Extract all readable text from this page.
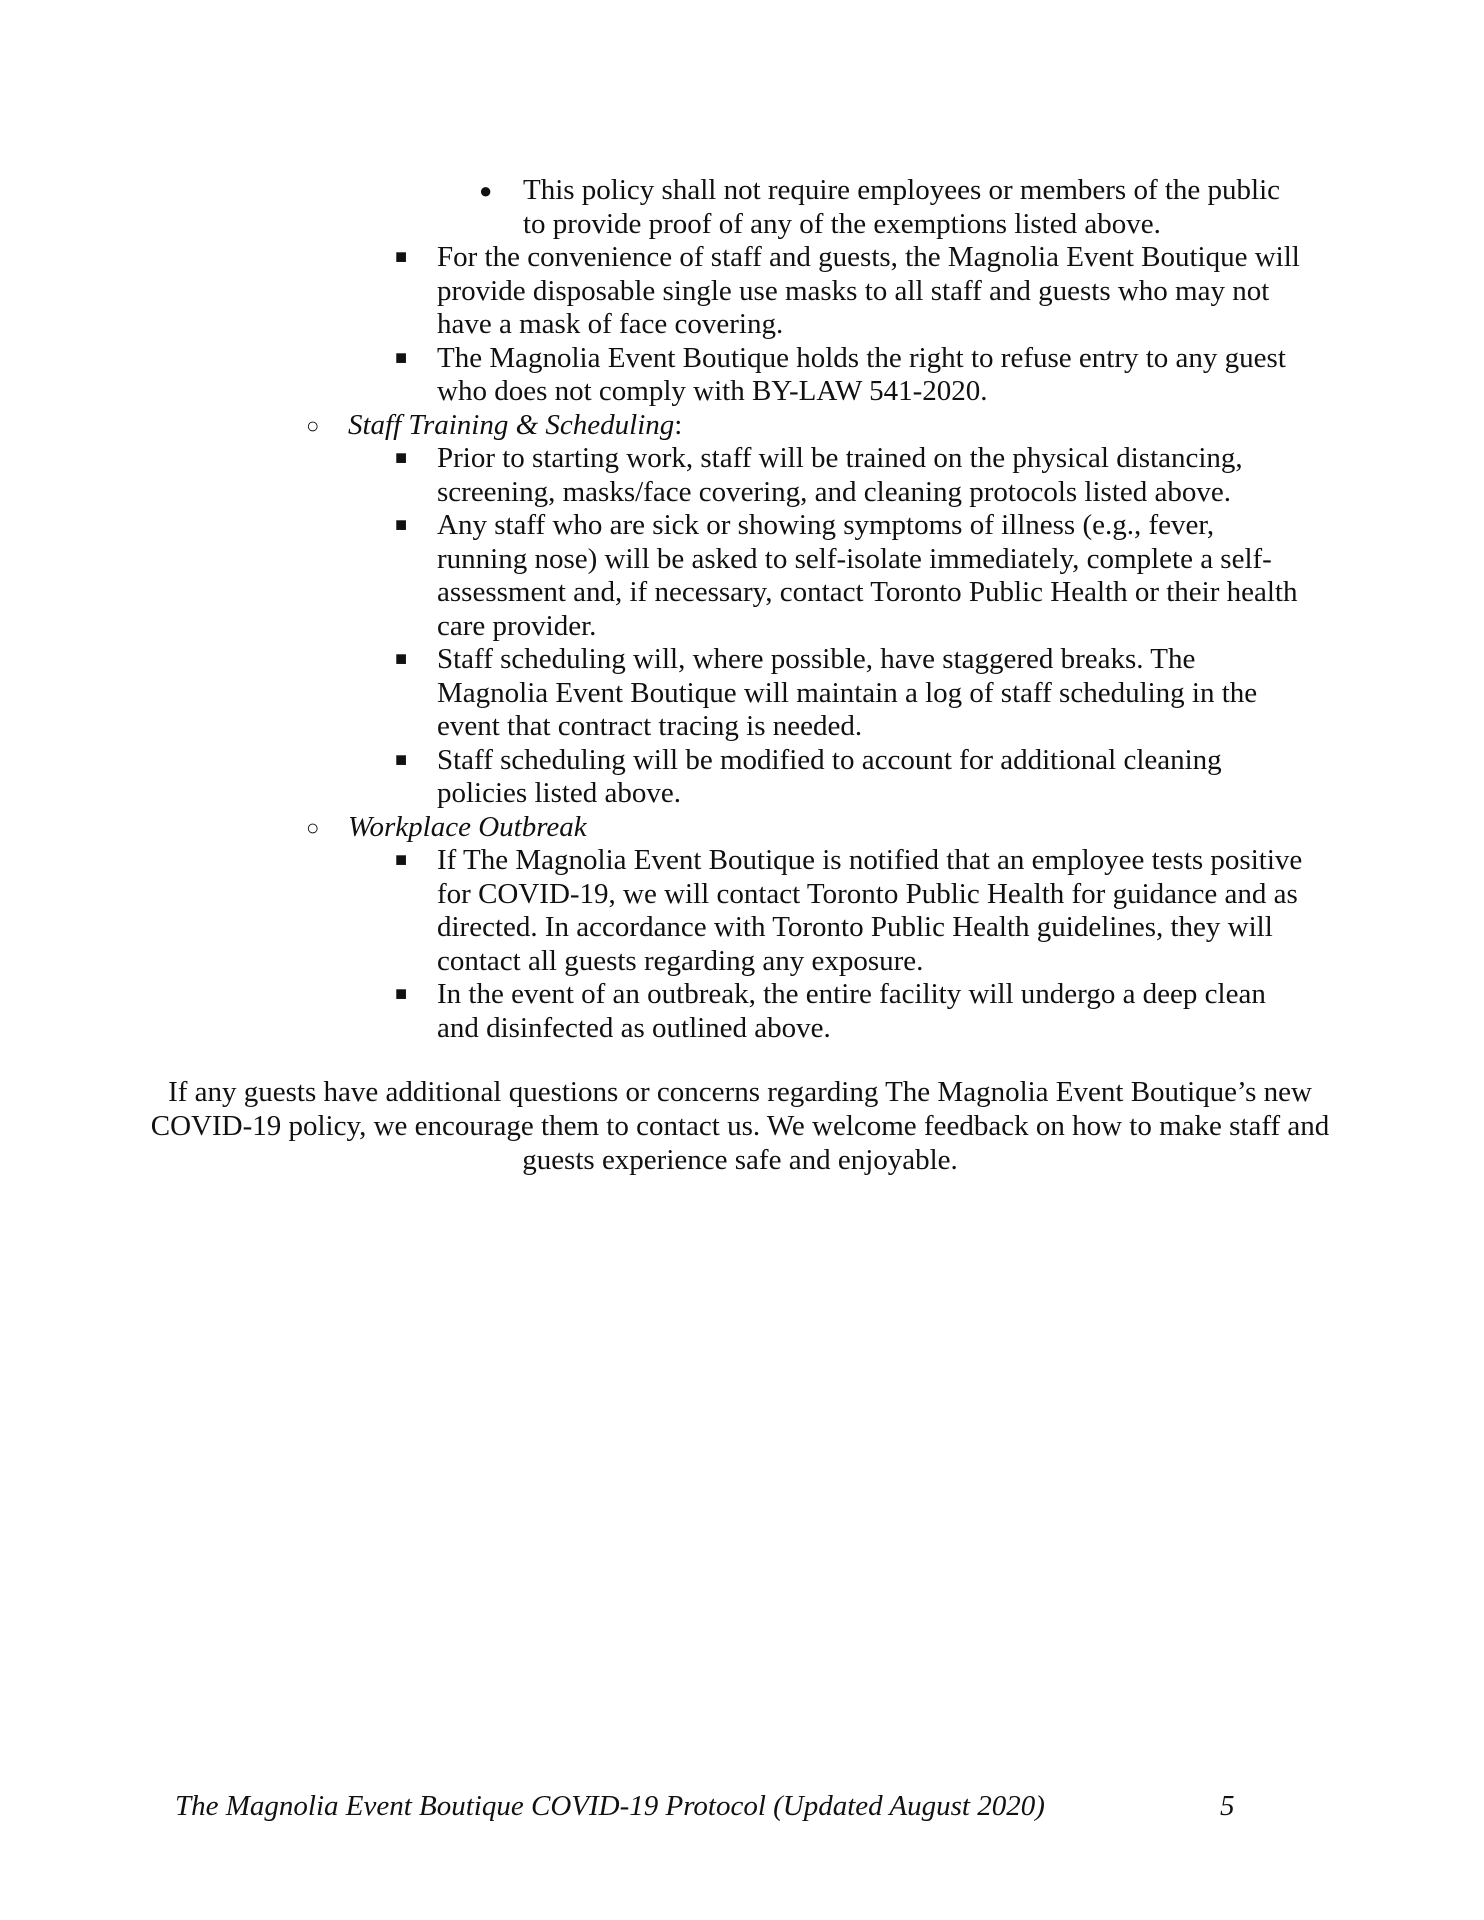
● This policy shall not require employees or members of the public to provide proof of any of the exemptions listed above.
■ For the convenience of staff and guests, the Magnolia Event Boutique will provide disposable single use masks to all staff and guests who may not have a mask of face covering.
■ The Magnolia Event Boutique holds the right to refuse entry to any guest who does not comply with BY-LAW 541-2020.
○ Staff Training & Scheduling:
■ Prior to starting work, staff will be trained on the physical distancing, screening, masks/face covering, and cleaning protocols listed above.
■ Any staff who are sick or showing symptoms of illness (e.g., fever, running nose) will be asked to self-isolate immediately, complete a self-assessment and, if necessary, contact Toronto Public Health or their health care provider.
■ Staff scheduling will, where possible, have staggered breaks. The Magnolia Event Boutique will maintain a log of staff scheduling in the event that contract tracing is needed.
■ Staff scheduling will be modified to account for additional cleaning policies listed above.
○ Workplace Outbreak
■ If The Magnolia Event Boutique is notified that an employee tests positive for COVID-19, we will contact Toronto Public Health for guidance and as directed. In accordance with Toronto Public Health guidelines, they will contact all guests regarding any exposure.
■ In the event of an outbreak, the entire facility will undergo a deep clean and disinfected as outlined above.
If any guests have additional questions or concerns regarding The Magnolia Event Boutique’s new COVID-19 policy, we encourage them to contact us. We welcome feedback on how to make staff and guests experience safe and enjoyable.
The Magnolia Event Boutique COVID-19 Protocol (Updated August 2020)	5
